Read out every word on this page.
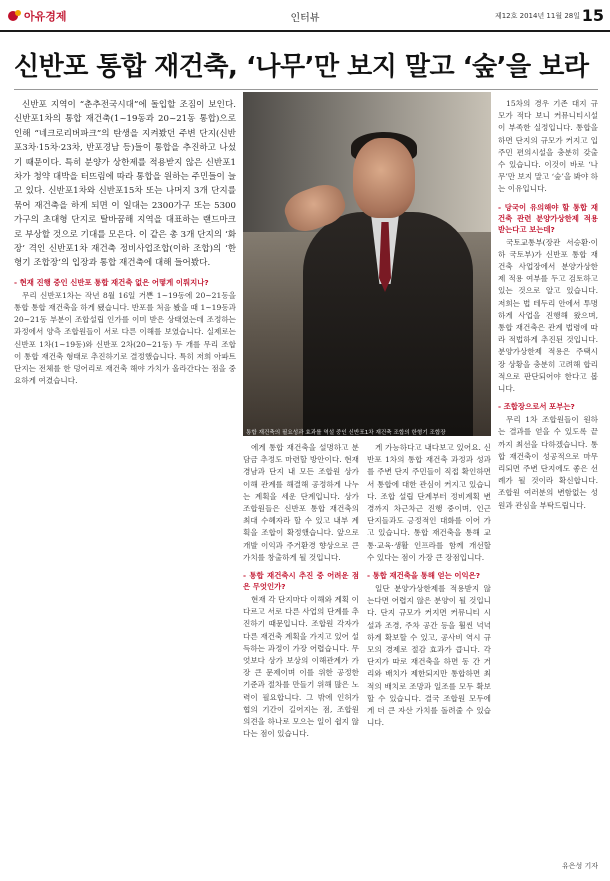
아유경제	인터뷰	제12호 2014년 11월 28일 15
신반포 통합 재건축, ‘나무’만 보지 말고 ‘숲’을 보라

신반포 지역이 “춘추전국시대”에 돌입할 조짐이 보인다. 신반포1차의 통합 재건축(1~19동과 20~21동 통합)으로 인해 “네크로리버파크”의 탄생을 지켜봤던 주변 단지(신반포3차·15차·23차, 반포경남 등)들이 통합을 추진하고 나섰기 때문이다. 특히 분양가 상한제를 적용받지 않은 신반포1차가 청약 대박을 터뜨림에 따라 통합을 원하는 주민들이 늘고 있다. 신반포1차와 신반포15차 또는 나머지 3개 단지를 묶어 재건축을 하게 되면 이 일대는 2300가구 또는 5300가구의 초대형 단지로 탈바꿈해 지역을 대표하는 랜드마크로 부상할 것으로 기대를 모은다. 이 같은 총 3개 단지의 ‘화장’ 격인 신반포1차 재건축 정비사업조합(이하 조합)의 ‘한형기 조합장’의 입장과 통합 재건축에 대해 들어봤다.

- 현재 진행 중인 신반포 통합 재건축 없은 어떻게 이뤄지나?

무리 신반포1차는 작년 8월 16일 거쁜 1~19동에 20~21동을 통합 통합 재건축을 하게 됐습니다. 반포를 처음 봤을 때 1~19동과 20~21동 부분이 조합설립 인가를 이미 받은 상태였는데 조정하는 과정에서 양측 조합원들이 서로 다른 이해를 보였습니다. 실제로는 신반포 1차(1~19동)와 신반포 2차(20~21동) 두 개를 무리 조합이 통합 재건축 형태로 추진하기로 결정했습니다. 특히 저희 아파트 단지는 전체를 한 덩어리로 재건축 해야 가치가 올라간다는 점을 중요하게 여겼습니다.

통합 재건축의 필요성과 효과를 역설 중인 신반포1차 재건축 조합의 한형기 조합장

에게 통합 재건축을 설명하고 분담금 추정도 마련할 방안이다. 현재 경남과 단지 내 모든 조합원 상가 이해 관계를 해결해 공정하게 나누는 계획을 세운 단계입니다. 상가 조합원들은 신반포 통합 재건축의 최대 수혜자라 할 수 있고 내부 계획을 조합이 확정했습니다. 앞으로 개발 이익과 주거환경 향상으로 큰 가치를 창출하게 될 것입니다.

- 통합 재건축시 추진 중 어려운 점은 무엇인가?

현재 각 단지마다 이해와 계획 이 다르고 서로 다른 사업의 단계를 추진하기 때문입니다. 조합원 각자가 다른 재건축 계획을 가지고 있어 설득하는 과정이 가장 어렵습니다. 무엇보다 상가 보상의 이해관계가 가장 큰 문제이며 이를 위한 공정한 기준과 절차를 만들기 위해 많은 노력이 필요합니다. 그 밖에 인허가 협의 기간이 길어지는 점, 조합원 의견을 하나로 모으는 일이 쉽지 않다는 점이 있습니다.

게 가능하다고 내다보고 있어요. 신반포 1차의 통합 재건축 과정과 성과를 주변 단지 주민들이 직접 확인하면서 통합에 대한 관심이 커지고 있습니다. 조합 설립 단계부터 정비계획 변경까지 차근차근 진행 중이며, 인근 단지들과도 긍정적인 대화를 이어 가고 있습니다. 통합 재건축을 통해 교통·교육·생활 인프라를 함께 개선할 수 있다는 점이 가장 큰 장점입니다.

- 통합 재건축을 통해 얻는 이익은?

일단 분양가상한제를 적용받지 않는다면 어렵지 않은 분양이 될 것입니다. 단지 규모가 커지면 커뮤니티 시설과 조경, 주차 공간 등을 훨씬 넉넉하게 확보할 수 있고, 공사비 역시 규모의 경제로 절감 효과가 큽니다. 각 단지가 따로 재건축을 하면 동 간 거리와 배치가 제한되지만 통합하면 최적의 배치로 조망과 일조를 모두 확보할 수 있습니다. 결국 조합원 모두에게 더 큰 자산 가치를 돌려줄 수 있습니다.

15차의 경우 기존 대지 규모가 적다 보니 커뮤니티시설이 부족한 실정입니다. 통합을 하면 단지의 규모가 커지고 입주민 편의시설을 충분히 갖출 수 있습니다. 이것이 바로 ‘나무’만 보지 말고 ‘숲’을 봐야 하는 이유입니다.

- 당국이 유의해야 할 통합 재건축 관련 분양가상한제 적용받는다고 보는데?

국토교통부(장관 서승환·이하 국토부)가 신반포 통합 재건축 사업장에서 분양가상한제 적용 여부를 두고 검토하고 있는 것으로 알고 있습니다. 저희는 법 테두리 안에서 투명하게 사업을 진행해 왔으며, 통합 재건축은 관계 법령에 따라 적법하게 추진된 것입니다. 분양가상한제 적용은 주택시장 상황을 충분히 고려해 합리적으로 판단되어야 한다고 봅니다.

- 조합장으로서 포부는?

무리 1차 조합원들이 원하는 결과를 얻을 수 있도록 끝까지 최선을 다하겠습니다. 통합 재건축이 성공적으로 마무리되면 주변 단지에도 좋은 선례가 될 것이라 확신합니다. 조합원 여러분의 변함없는 성원과 관심을 부탁드립니다.

유은성 기자
